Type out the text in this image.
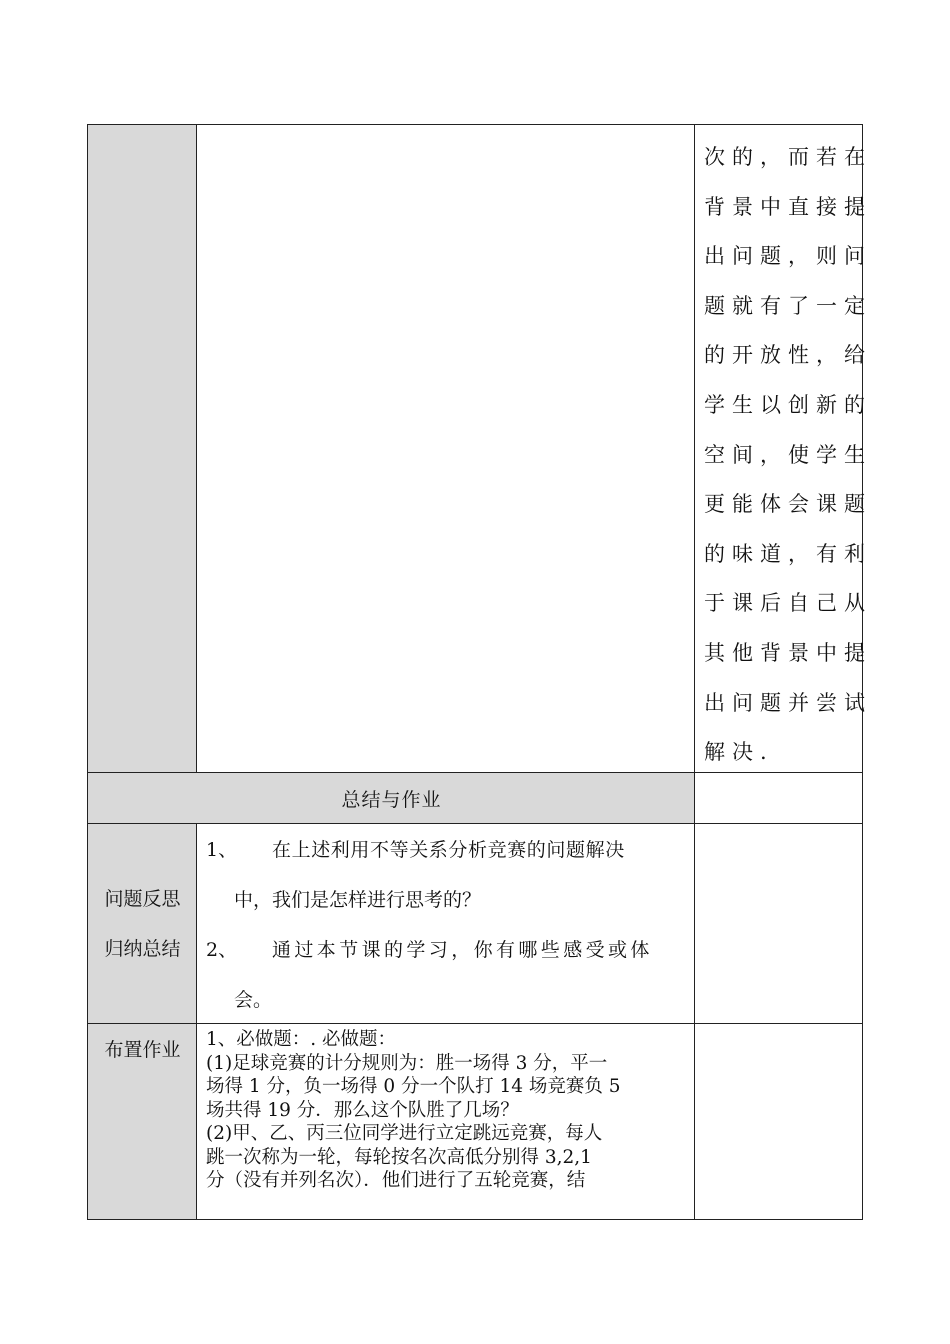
次的，而若在
背景中直接提
出问题，则问
题就有了一定
的开放性，给
学生以创新的
空间，使学生
更能体会课题
的味道，有利
于课后自己从
其他背景中提
出问题并尝试
解决.
总结与作业
问题反思
归纳总结
1、 在上述利用不等关系分析竞赛的问题解决
中，我们是怎样进行思考的？
2、 通过本节课的学习，你有哪些感受或体
会。
布置作业	1、必做题：. 必做题：
(1)足球竞赛的计分规则为：胜一场得 3 分，平一
场得 1 分，负一场得 0 分一个队打 14 场竞赛负 5
场共得 19 分．那么这个队胜了几场？
(2)甲、乙、丙三位同学进行立定跳远竞赛，每人
跳一次称为一轮，每轮按名次高低分别得 3,2,1
分（没有并列名次）．他们进行了五轮竞赛，结
